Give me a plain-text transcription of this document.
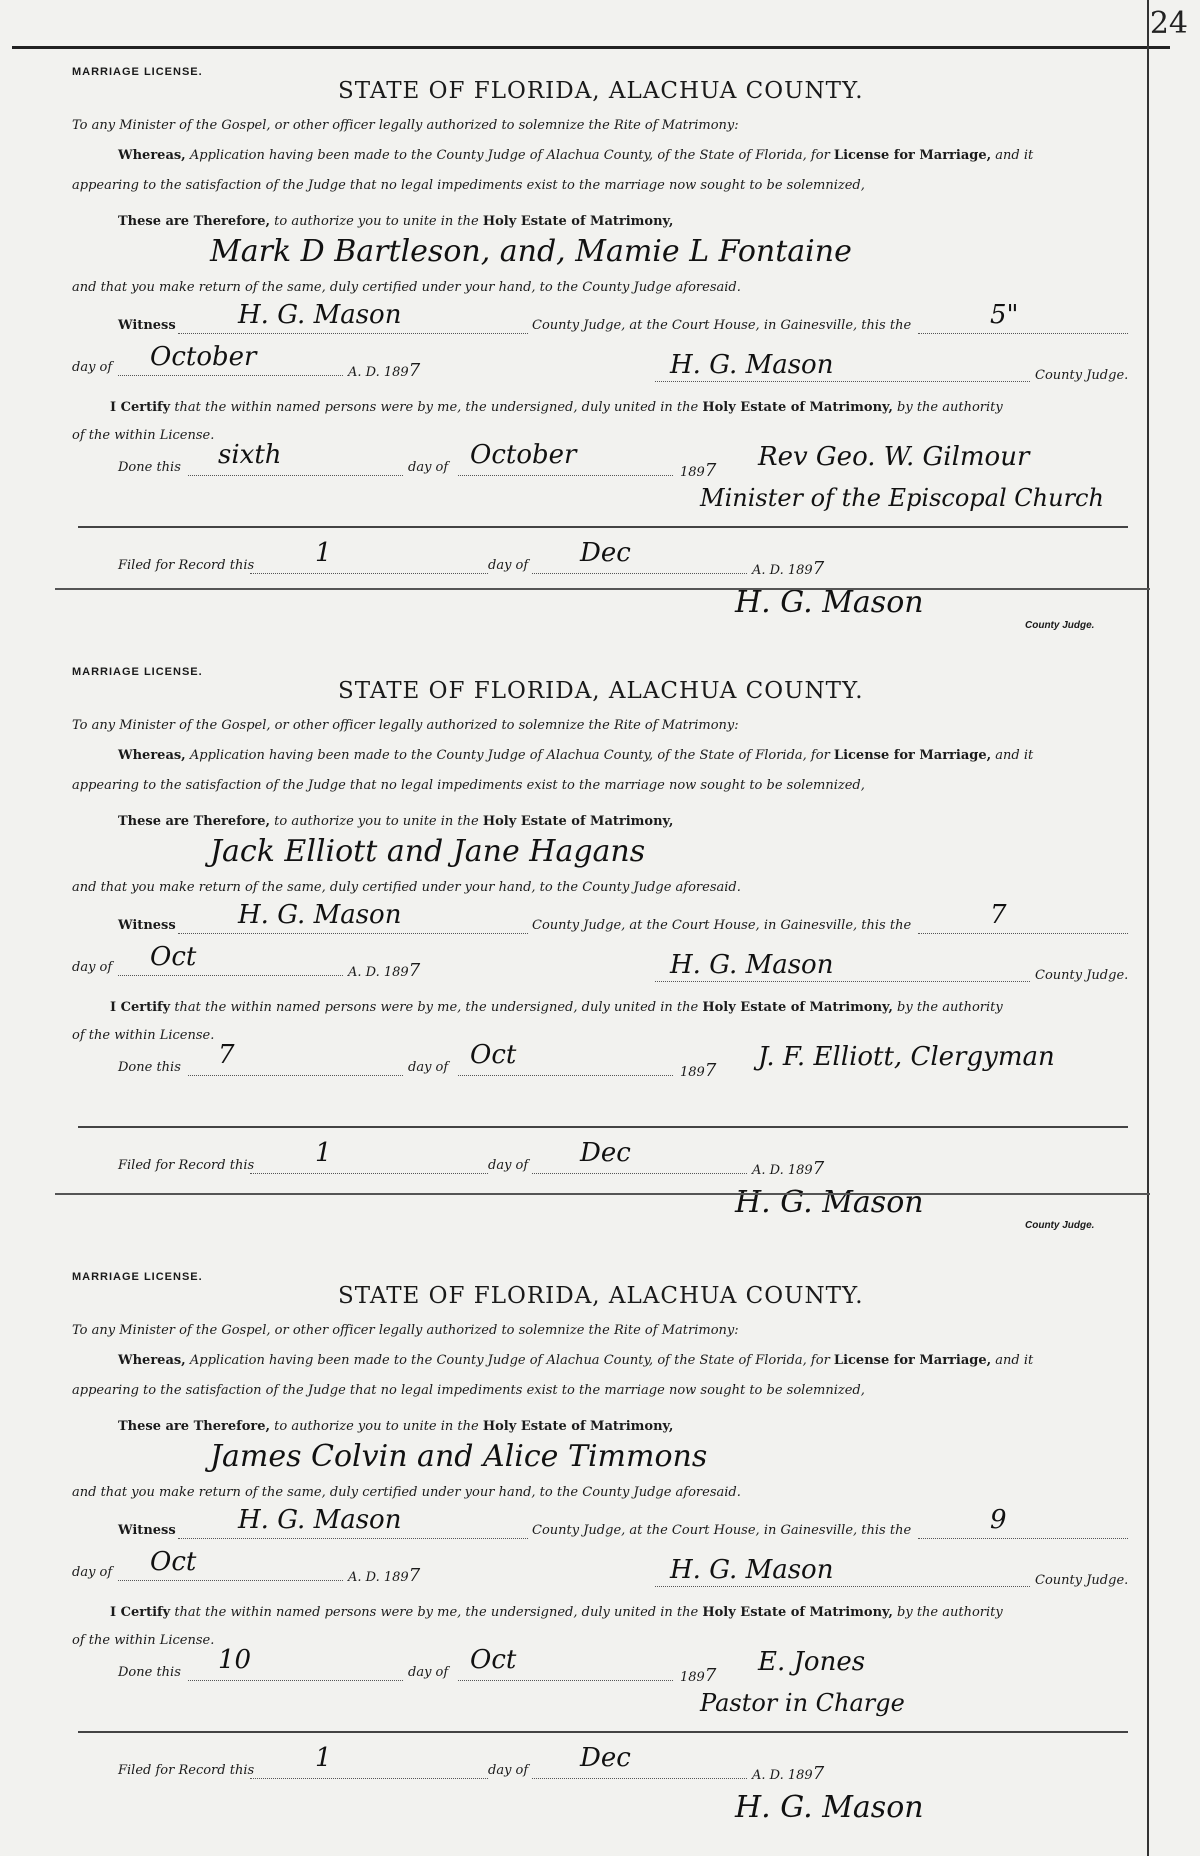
24
MARRIAGE LICENSE.
STATE OF FLORIDA, ALACHUA COUNTY.
To any Minister of the Gospel, or other officer legally authorized to solemnize the Rite of Matrimony:
Whereas, Application having been made to the County Judge of Alachua County, of the State of Florida, for License for Marriage, and it
appearing to the satisfaction of the Judge that no legal impediments exist to the marriage now sought to be solemnized,
These are Therefore, to authorize you to unite in the Holy Estate of Matrimony,
Mark D Bartleson, and, Mamie L Fontaine
and that you make return of the same, duly certified under your hand, to the County Judge aforesaid.
Witness H. G. Mason	County Judge, at the Court House, in Gainesville, this the	5"
day of October
A. D. 1897	H. G. Mason	County Judge.
I Certify that the within named persons were by me, the undersigned, duly united in the Holy Estate of Matrimony, by the authority
of the within License.
Done this sixth	day of October
1897 Rev Geo. W. Gilmour
Minister of the Episcopal Church
Filed for Record this 1	day of Dec
A. D. 1897
H. G. Mason
County Judge.
MARRIAGE LICENSE.
STATE OF FLORIDA, ALACHUA COUNTY.
To any Minister of the Gospel, or other officer legally authorized to solemnize the Rite of Matrimony:
Whereas, Application having been made to the County Judge of Alachua County, of the State of Florida, for License for Marriage, and it
appearing to the satisfaction of the Judge that no legal impediments exist to the marriage now sought to be solemnized,
These are Therefore, to authorize you to unite in the Holy Estate of Matrimony,
Jack Elliott and Jane Hagans
and that you make return of the same, duly certified under your hand, to the County Judge aforesaid.
Witness H. G. Mason	County Judge, at the Court House, in Gainesville, this the	7
day of Oct
A. D. 1897	H. G. Mason	County Judge.
I Certify that the within named persons were by me, the undersigned, duly united in the Holy Estate of Matrimony, by the authority
of the within License.
Done this 7	day of Oct
1897 J. F. Elliott, Clergyman
Filed for Record this 1	day of Dec
A. D. 1897
H. G. Mason
County Judge.
MARRIAGE LICENSE.
STATE OF FLORIDA, ALACHUA COUNTY.
To any Minister of the Gospel, or other officer legally authorized to solemnize the Rite of Matrimony:
Whereas, Application having been made to the County Judge of Alachua County, of the State of Florida, for License for Marriage, and it
appearing to the satisfaction of the Judge that no legal impediments exist to the marriage now sought to be solemnized,
These are Therefore, to authorize you to unite in the Holy Estate of Matrimony,
James Colvin and Alice Timmons
and that you make return of the same, duly certified under your hand, to the County Judge aforesaid.
Witness H. G. Mason	County Judge, at the Court House, in Gainesville, this the	9
day of Oct
A. D. 1897	H. G. Mason	County Judge.
I Certify that the within named persons were by me, the undersigned, duly united in the Holy Estate of Matrimony, by the authority
of the within License.
Done this 10	day of Oct
1897 E. Jones
Pastor in Charge
Filed for Record this 1	day of Dec
A. D. 1897
H. G. Mason
